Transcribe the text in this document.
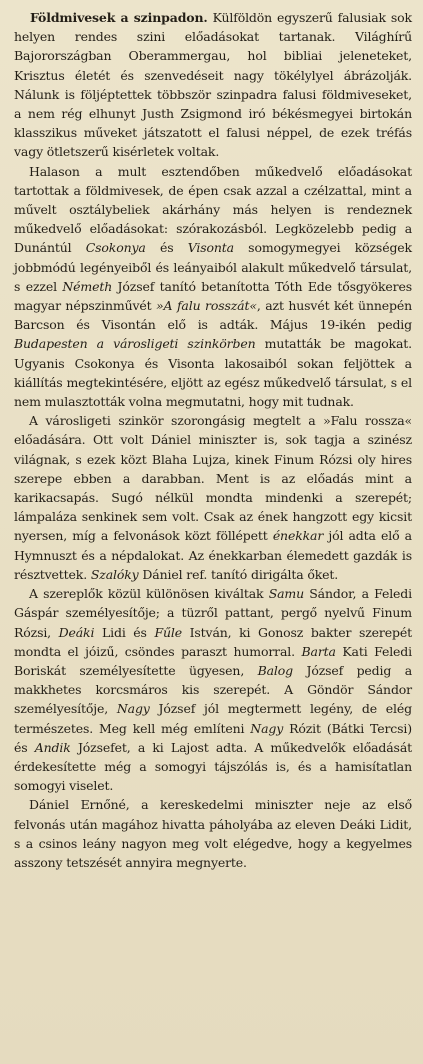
Földmivesek a szinpadon. Külföldön egyszerű falusiak sok helyen rendes szini előadásokat tartanak. Világhírű Bajorországban Oberammergau, hol bibliai jeleneteket, Krisztus életét és szenvedéseit nagy tökélylyel ábrázolják. Nálunk is följéptettek többször szinpadra falusi földmiveseket, a nem rég elhunyt Justh Zsigmond iró békésmegyei birtokán klasszikus műveket játszatott el falusi néppel, de ezek tréfás vagy ötletszerű kisérletek voltak.

Halason a mult esztendőben műkedvelő előadásokat tartottak a földmivesek, de épen csak azzal a czélzattal, mint a művelt osztálybeliek akárhány más helyen is rendeznek műkedvelő előadásokat: szórakozásból. Legközelebb pedig a Dunántúl Csokonya és Visonta somogymegyei községek jobbmódú legényeiből és leányaiból alakult műkedvelő társulat, s ezzel Németh József tanító betanította Tóth Ede tősgyökeres magyar népszinművét »A falu rosszát«, azt husvét két ünnepén Barcson és Visontán elő is adták. Május 19-ikén pedig Budapesten a városligeti szinkörben mutatták be magokat. Ugyanis Csokonya és Visonta lakosaiból sokan feljöttek a kiállítás megtekintésére, eljött az egész műkedvelő társulat, s el nem mulasztották volna megmutatni, hogy mit tudnak.

A városligeti szinkör szorongásig megtelt a »Falu rossza« előadására. Ott volt Dániel miniszter is, sok tagja a szinész világnak, s ezek közt Blaha Lujza, kinek Finum Rózsi oly hires szerepe ebben a darabban. Ment is az előadás mint a karikacsapás. Sugó nélkül mondta mindenki a szerepét; lámpaláza senkinek sem volt. Csak az ének hangzott egy kicsit nyersen, míg a felvonások közt föllépett énekkar jól adta elő a Hymnuszt és a népdalokat. Az énekkarban élemedett gazdák is résztvettek. Szalóky Dániel ref. tanító dirigálta őket.

A szereplők közül különösen kiváltak Samu Sándor, a Feledi Gáspár személyesítője; a tüzről pattant, pergő nyelvű Finum Rózsi, Deáki Lidi és Fűle István, ki Gonosz bakter szerepét mondta el jóizű, csöndes paraszt humorral. Barta Kati Feledi Boriskát személyesítette ügyesen, Balog József pedig a makkhetes korcsmáros kis szerepét. A Göndör Sándor személyesítője, Nagy József jól megtermett legény, de elég természetes. Meg kell még említeni Nagy Rózit (Bátki Tercsi) és Andik Józsefet, a ki Lajost adta. A műkedvelők előadását érdekesítette még a somogyi tájszólás is, és a hamisítatlan somogyi viselet.

Dániel Ernőné, a kereskedelmi miniszter neje az első felvonás után magához hivatta páholyába az eleven Deáki Lidit, s a csinos leány nagyon meg volt elégedve, hogy a kegyelmes asszony tetszését annyira megnyerte.
